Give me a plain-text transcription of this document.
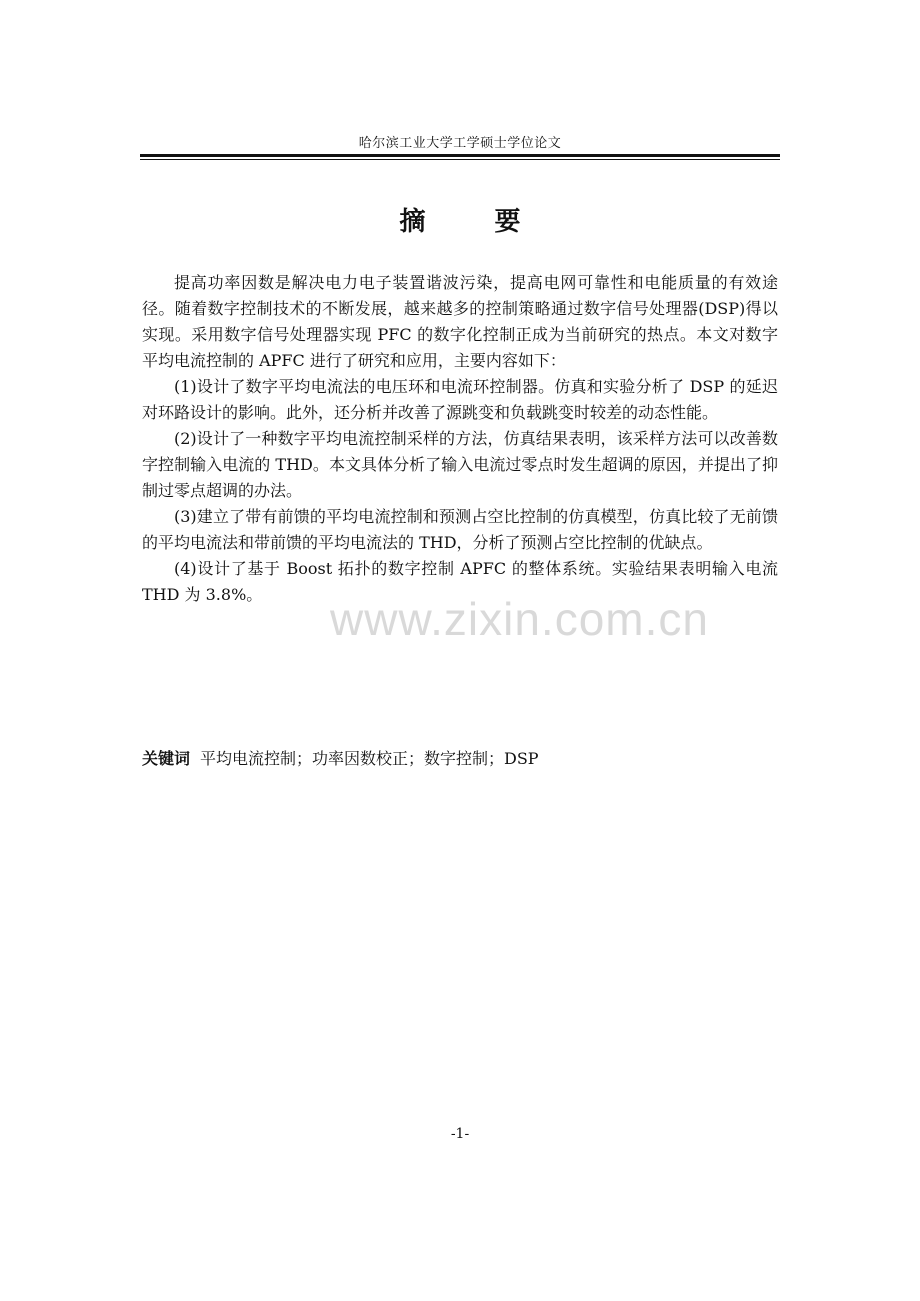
哈尔滨工业大学工学硕士学位论文
摘 要
www.zixin.com.cn

提高功率因数是解决电力电子装置谐波污染，提高电网可靠性和电能质量的有效途径。随着数字控制技术的不断发展，越来越多的控制策略通过数字信号处理器(DSP)得以实现。采用数字信号处理器实现 PFC 的数字化控制正成为当前研究的热点。本文对数字平均电流控制的 APFC 进行了研究和应用，主要内容如下：

(1)设计了数字平均电流法的电压环和电流环控制器。仿真和实验分析了 DSP 的延迟对环路设计的影响。此外，还分析并改善了源跳变和负载跳变时较差的动态性能。

(2)设计了一种数字平均电流控制采样的方法，仿真结果表明，该采样方法可以改善数字控制输入电流的 THD。本文具体分析了输入电流过零点时发生超调的原因，并提出了抑制过零点超调的办法。

(3)建立了带有前馈的平均电流控制和预测占空比控制的仿真模型，仿真比较了无前馈的平均电流法和带前馈的平均电流法的 THD，分析了预测占空比控制的优缺点。

(4)设计了基于 Boost 拓扑的数字控制 APFC 的整体系统。实验结果表明输入电流 THD 为 3.8%。

关键词 平均电流控制；功率因数校正；数字控制；DSP
-1-
